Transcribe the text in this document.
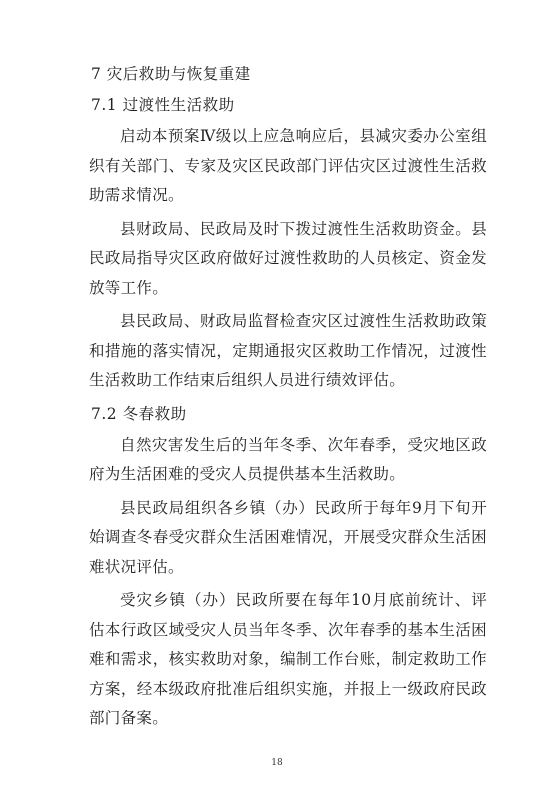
7 灾后救助与恢复重建
7.1 过渡性生活救助

启动本预案Ⅳ级以上应急响应后，县减灾委办公室组织有关部门、专家及灾区民政部门评估灾区过渡性生活救助需求情况。

县财政局、民政局及时下拨过渡性生活救助资金。县民政局指导灾区政府做好过渡性救助的人员核定、资金发放等工作。

县民政局、财政局监督检查灾区过渡性生活救助政策和措施的落实情况，定期通报灾区救助工作情况，过渡性生活救助工作结束后组织人员进行绩效评估。

7.2 冬春救助

自然灾害发生后的当年冬季、次年春季，受灾地区政府为生活困难的受灾人员提供基本生活救助。

县民政局组织各乡镇（办）民政所于每年9月下旬开始调查冬春受灾群众生活困难情况，开展受灾群众生活困难状况评估。

受灾乡镇（办）民政所要在每年10月底前统计、评估本行政区域受灾人员当年冬季、次年春季的基本生活困难和需求，核实救助对象，编制工作台账，制定救助工作方案，经本级政府批准后组织实施，并报上一级政府民政部门备案。

18
